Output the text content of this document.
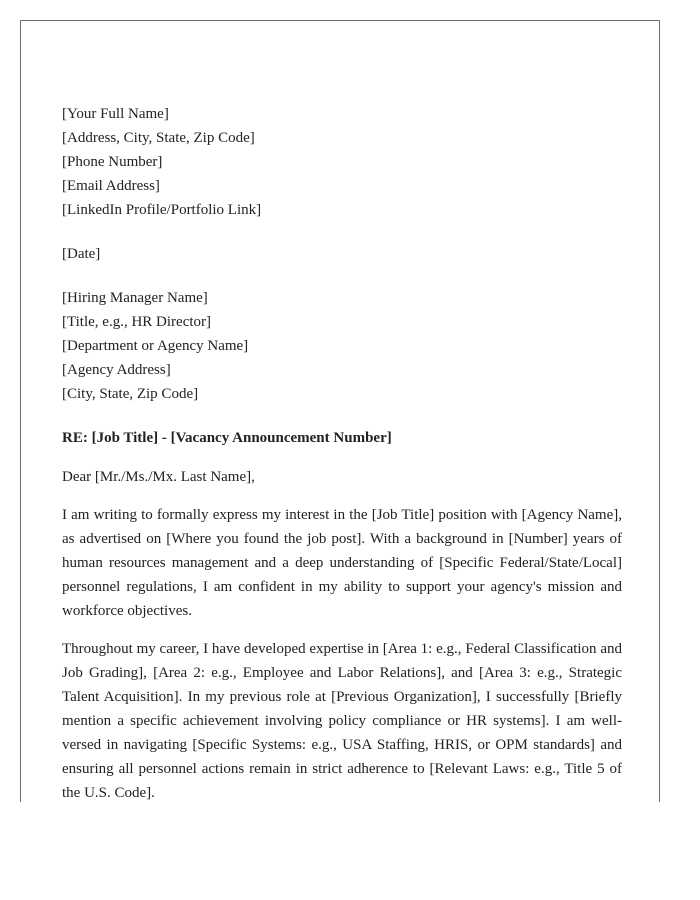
[Your Full Name]
[Address, City, State, Zip Code]
[Phone Number]
[Email Address]
[LinkedIn Profile/Portfolio Link]
[Date]
[Hiring Manager Name]
[Title, e.g., HR Director]
[Department or Agency Name]
[Agency Address]
[City, State, Zip Code]
RE: [Job Title] - [Vacancy Announcement Number]
Dear [Mr./Ms./Mx. Last Name],

I am writing to formally express my interest in the [Job Title] position with [Agency Name], as advertised on [Where you found the job post]. With a background in [Number] years of human resources management and a deep understanding of [Specific Federal/State/Local] personnel regulations, I am confident in my ability to support your agency's mission and workforce objectives.

Throughout my career, I have developed expertise in [Area 1: e.g., Federal Classification and Job Grading], [Area 2: e.g., Employee and Labor Relations], and [Area 3: e.g., Strategic Talent Acquisition]. In my previous role at [Previous Organization], I successfully [Briefly mention a specific achievement involving policy compliance or HR systems]. I am well-versed in navigating [Specific Systems: e.g., USA Staffing, HRIS, or OPM standards] and ensuring all personnel actions remain in strict adherence to [Relevant Laws: e.g., Title 5 of the U.S. Code].
